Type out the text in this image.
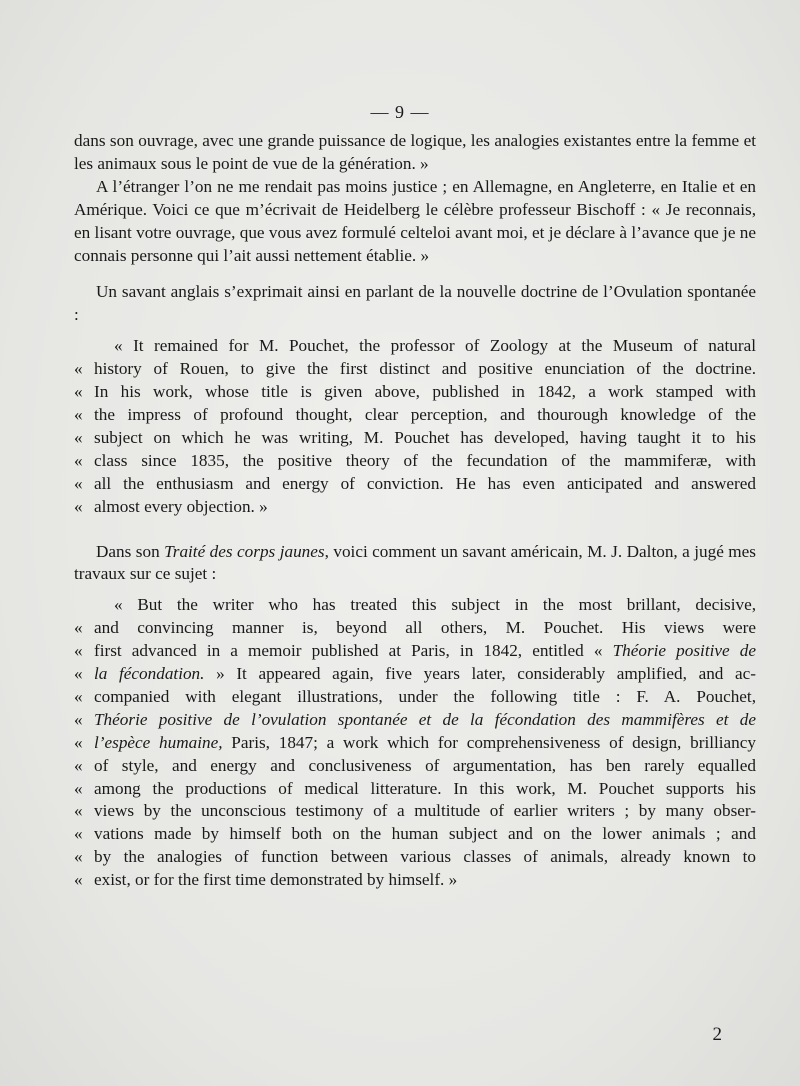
— 9 —

dans son ouvrage, avec une grande puissance de logique, les analogies existantes entre la femme et les animaux sous le point de vue de la génération. »

A l’étranger l’on ne me rendait pas moins justice ; en Allemagne, en Angleterre, en Italie et en Amérique. Voici ce que m’écrivait de Heidelberg le célèbre professeur Bischoff : « Je reconnais, en lisant votre ouvrage, que vous avez formulé celteloi avant moi, et je déclare à l’avance que je ne connais personne qui l’ait aussi nettement établie. »

Un savant anglais s’exprimait ainsi en parlant de la nouvelle doctrine de l’Ovulation spontanée :

« It remained for M. Pouchet, the professor of Zoology at the Museum of natural
« history of Rouen, to give the first distinct and positive enunciation of the doctrine.
« In his work, whose title is given above, published in 1842, a work stamped with
« the impress of profound thought, clear perception, and thourough knowledge of the
« subject on which he was writing, M. Pouchet has developed, having taught it to his
« class since 1835, the positive theory of the fecundation of the mammiferæ, with
« all the enthusiasm and energy of conviction. He has even anticipated and answered
« almost every objection. »

Dans son Traité des corps jaunes, voici comment un savant américain, M. J. Dalton, a jugé mes travaux sur ce sujet :

« But the writer who has treated this subject in the most brillant, decisive,
« and convincing manner is, beyond all others, M. Pouchet. His views were
« first advanced in a memoir published at Paris, in 1842, entitled « Théorie positive de
« la fécondation. » It appeared again, five years later, considerably amplified, and ac-
« companied with elegant illustrations, under the following title : F. A. Pouchet,
« Théorie positive de l’ovulation spontanée et de la fécondation des mammifères et de
« l’espèce humaine, Paris, 1847; a work which for comprehensiveness of design, brilliancy
« of style, and energy and conclusiveness of argumentation, has ben rarely equalled
« among the productions of medical litterature. In this work, M. Pouchet supports his
« views by the unconscious testimony of a multitude of earlier writers ; by many obser-
« vations made by himself both on the human subject and on the lower animals ; and
« by the analogies of function between various classes of animals, already known to
« exist, or for the first time demonstrated by himself. »
2
